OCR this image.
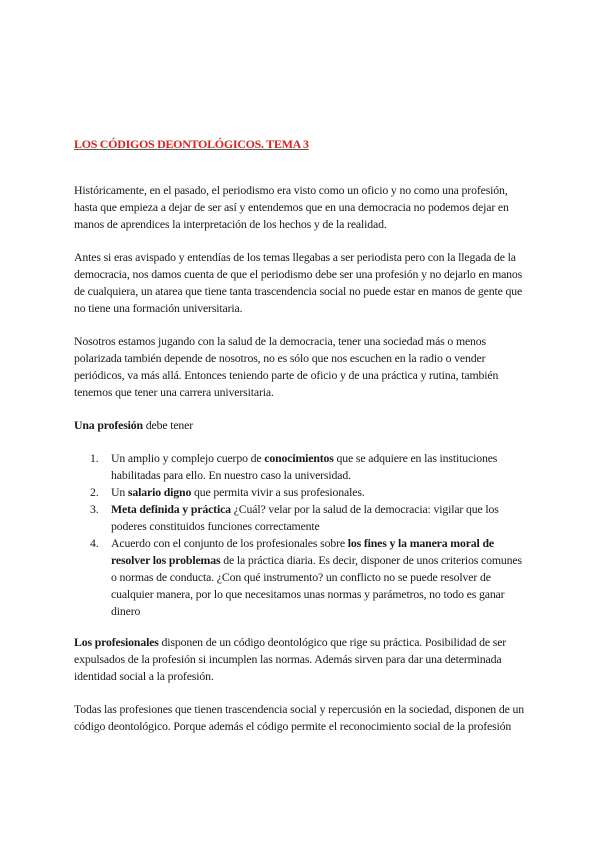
LOS CÓDIGOS DEONTOLÓGICOS. TEMA 3

Históricamente, en el pasado, el periodismo era visto como un oficio y no como una profesión, hasta que empieza a dejar de ser así y entendemos que en una democracia no podemos dejar en manos de aprendices la interpretación de los hechos y de la realidad.

Antes si eras avispado y entendías de los temas llegabas a ser periodista pero con la llegada de la democracia, nos damos cuenta de que el periodismo debe ser una profesión y no dejarlo en manos de cualquiera, un atarea que tiene tanta trascendencia social no puede estar en manos de gente que no tiene una formación universitaria.

Nosotros estamos jugando con la salud de la democracia, tener una sociedad más o menos polarizada también depende de nosotros, no es sólo que nos escuchen en la radio o vender periódicos, va más allá. Entonces teniendo parte de oficio y de una práctica y rutina, también tenemos que tener una carrera universitaria.

Una profesión debe tener

1. Un amplio y complejo cuerpo de conocimientos que se adquiere en las instituciones habilitadas para ello. En nuestro caso la universidad.
2. Un salario digno que permita vivir a sus profesionales.
3. Meta definida y práctica ¿Cuál? velar por la salud de la democracia: vigilar que los poderes constituidos funciones correctamente
4. Acuerdo con el conjunto de los profesionales sobre los fines y la manera moral de resolver los problemas de la práctica diaria. Es decir, disponer de unos criterios comunes o normas de conducta. ¿Con qué instrumento? un conflicto no se puede resolver de cualquier manera, por lo que necesitamos unas normas y parámetros, no todo es ganar dinero

Los profesionales disponen de un código deontológico que rige su práctica. Posibilidad de ser expulsados de la profesión si incumplen las normas. Además sirven para dar una determinada identidad social a la profesión.

Todas las profesiones que tienen trascendencia social y repercusión en la sociedad, disponen de un código deontológico. Porque además el código permite el reconocimiento social de la profesión
